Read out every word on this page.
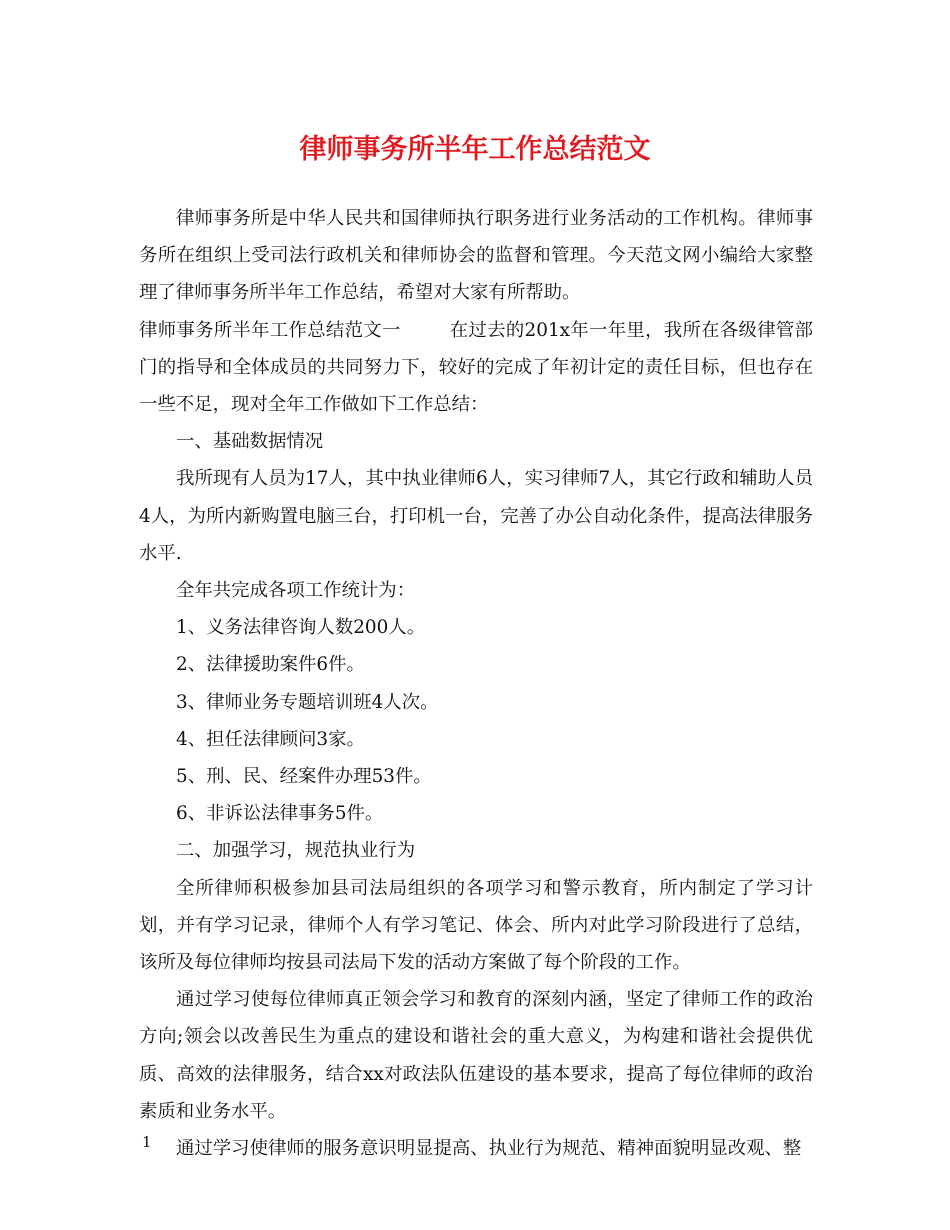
律师事务所半年工作总结范文

律师事务所是中华人民共和国律师执行职务进行业务活动的工作机构。律师事务所在组织上受司法行政机关和律师协会的监督和管理。今天范文网小编给大家整理了律师事务所半年工作总结，希望对大家有所帮助。

律师事务所半年工作总结范文一	在过去的201x年一年里，我所在各级律管部门的指导和全体成员的共同努力下，较好的完成了年初计定的责任目标，但也存在一些不足，现对全年工作做如下工作总结：

一、基础数据情况

我所现有人员为17人，其中执业律师6人，实习律师7人，其它行政和辅助人员4人，为所内新购置电脑三台，打印机一台，完善了办公自动化条件，提高法律服务水平.

全年共完成各项工作统计为：

1、义务法律咨询人数200人。

2、法律援助案件6件。

3、律师业务专题培训班4人次。

4、担任法律顾问3家。

5、刑、民、经案件办理53件。

6、非诉讼法律事务5件。

二、加强学习，规范执业行为

全所律师积极参加县司法局组织的各项学习和警示教育，所内制定了学习计划，并有学习记录，律师个人有学习笔记、体会、所内对此学习阶段进行了总结，该所及每位律师均按县司法局下发的活动方案做了每个阶段的工作。

通过学习使每位律师真正领会学习和教育的深刻内涵，坚定了律师工作的政治方向;领会以改善民生为重点的建设和谐社会的重大意义，为构建和谐社会提供优质、高效的法律服务，结合xx对政法队伍建设的基本要求，提高了每位律师的政治素质和业务水平。

通过学习使律师的服务意识明显提高、执业行为规范、精神面貌明显改观、整

1
